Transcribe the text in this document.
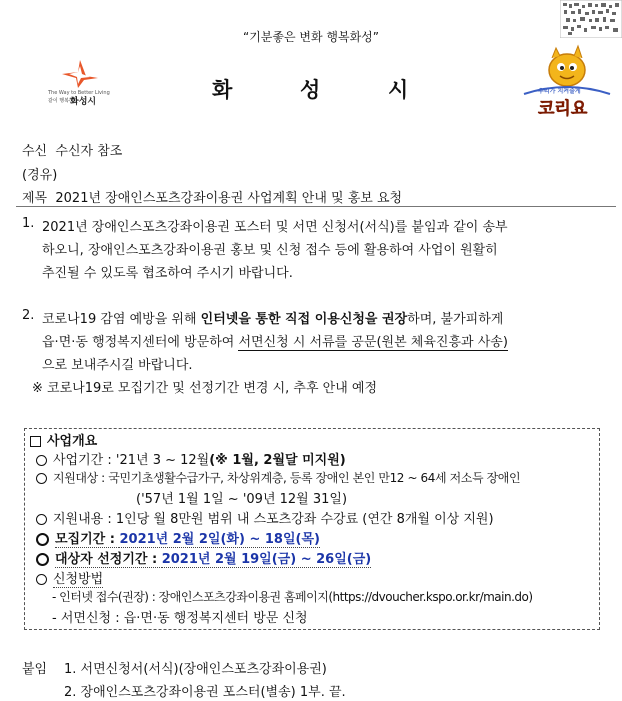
“기분좋은 변화 행복화성”
The Way to Better Living
같이 행복하는
화성시	화	성	시	우리가 지켜줄게
코리요
수신 수신자 참조
(경유)
제목 2021년 장애인스포츠강좌이용권 사업계획 안내 및 홍보 요청
1. 2021년 장애인스포츠강좌이용권 포스터 및 서면 신청서(서식)를 붙임과 같이 송부
하오니, 장애인스포츠강좌이용권 홍보 및 신청 접수 등에 활용하여 사업이 원활히
추진될 수 있도록 협조하여 주시기 바랍니다.
2. 코로나19 감염 예방을 위해 인터넷을 통한 직접 이용신청을 권장하며, 불가피하게
읍·면·동 행정복지센터에 방문하여 서면신청 시 서류를 공문(원본 체육진흥과 사송)
으로 보내주시길 바랍니다.
※ 코로나19로 모집기간 및 선정기간 변경 시, 추후 안내 예정
사업개요
사업기간 : '21년 3 ~ 12월(※ 1월, 2월달 미지원)
지원대상 : 국민기초생활수급가구, 차상위계층, 등록 장애인 본인 만12 ~ 64세 저소득 장애인
('57년 1월 1일 ~ '09년 12월 31일)
지원내용 : 1인당 월 8만원 범위 내 스포츠강좌 수강료 (연간 8개월 이상 지원)
모집기간 : 2021년 2월 2일(화) ~ 18일(목)
대상자 선정기간 : 2021년 2월 19일(금) ~ 26일(금)
신청방법
- 인터넷 접수(권장) : 장애인스포츠강좌이용권 홈페이지(https://dvoucher.kspo.or.kr/main.do)
- 서면신청 : 읍·면·동 행정복지센터 방문 신청
붙임 1. 서면신청서(서식)(장애인스포츠강좌이용권)
2. 장애인스포츠강좌이용권 포스터(별송) 1부. 끝.
